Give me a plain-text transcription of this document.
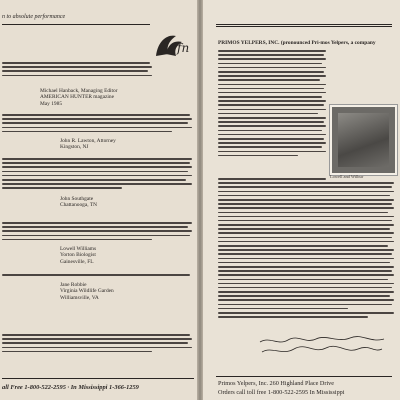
n to absolute performance
fn
Michael Hanback, Managing Editor
AMERICAN HUNTER magazine
May 1985
John R. Lawton, Attorney
Kingston, NJ
John Southgate
Chattanooga, TN
Lowell Williams
Yorton Biologist
Gainesville, FL
Jane Robbie
Virginia Wildlife Garden
Williamsville, VA
all Free 1-800-522-2595 · In Mississippi 1-366-1259
PRIMOS YELPERS, INC. (pronounced Pri-mos Yelpers, a company
Lowell and Wilbur
Primos Yelpers, Inc. 260 Highland Place Drive
Orders call toll free 1-800-522-2595 In Mississippi
